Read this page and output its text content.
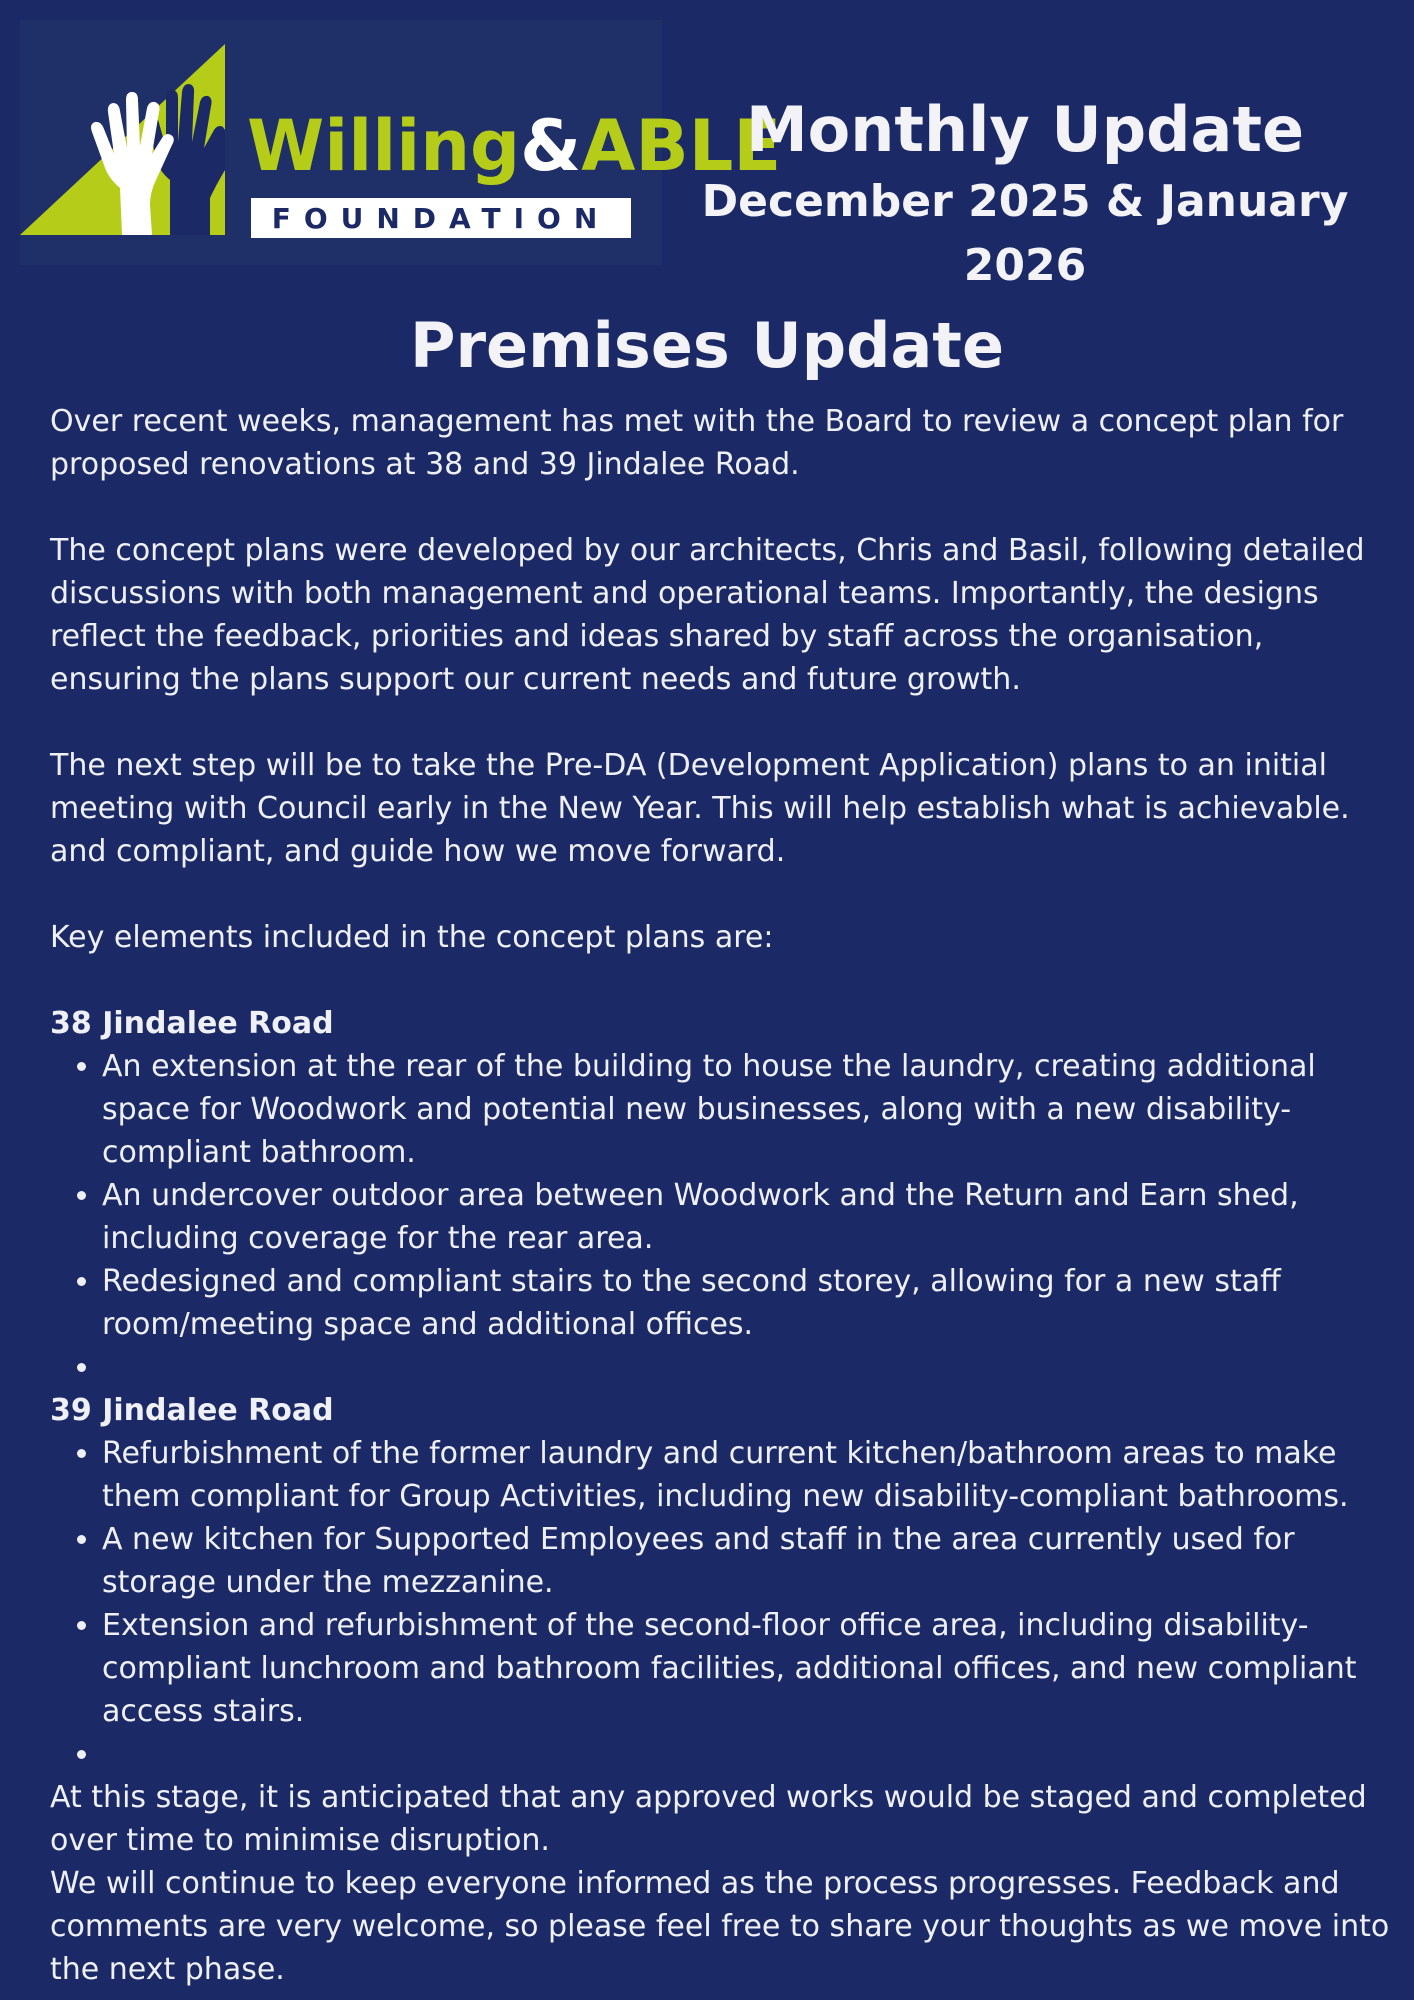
Willing&ABLE
FOUNDATION
Monthly Update
December 2025 & January 2026
Premises Update

Over recent weeks, management has met with the Board to review a concept plan for proposed renovations at 38 and 39 Jindalee Road.

The concept plans were developed by our architects, Chris and Basil, following detailed discussions with both management and operational teams. Importantly, the designs reflect the feedback, priorities and ideas shared by staff across the organisation, ensuring the plans support our current needs and future growth.

The next step will be to take the Pre-DA (Development Application) plans to an initial meeting with Council early in the New Year. This will help establish what is achievable. and compliant, and guide how we move forward.

Key elements included in the concept plans are:

38 Jindalee Road

• An extension at the rear of the building to house the laundry, creating additional space for Woodwork and potential new businesses, along with a new disability-compliant bathroom.
• An undercover outdoor area between Woodwork and the Return and Earn shed, including coverage for the rear area.
• Redesigned and compliant stairs to the second storey, allowing for a new staff room/meeting space and additional offices.
•

39 Jindalee Road

• Refurbishment of the former laundry and current kitchen/bathroom areas to make them compliant for Group Activities, including new disability-compliant bathrooms.
• A new kitchen for Supported Employees and staff in the area currently used for storage under the mezzanine.
• Extension and refurbishment of the second-floor office area, including disability-compliant lunchroom and bathroom facilities, additional offices, and new compliant access stairs.
•

At this stage, it is anticipated that any approved works would be staged and completed over time to minimise disruption.

We will continue to keep everyone informed as the process progresses. Feedback and comments are very welcome, so please feel free to share your thoughts as we move into the next phase.
